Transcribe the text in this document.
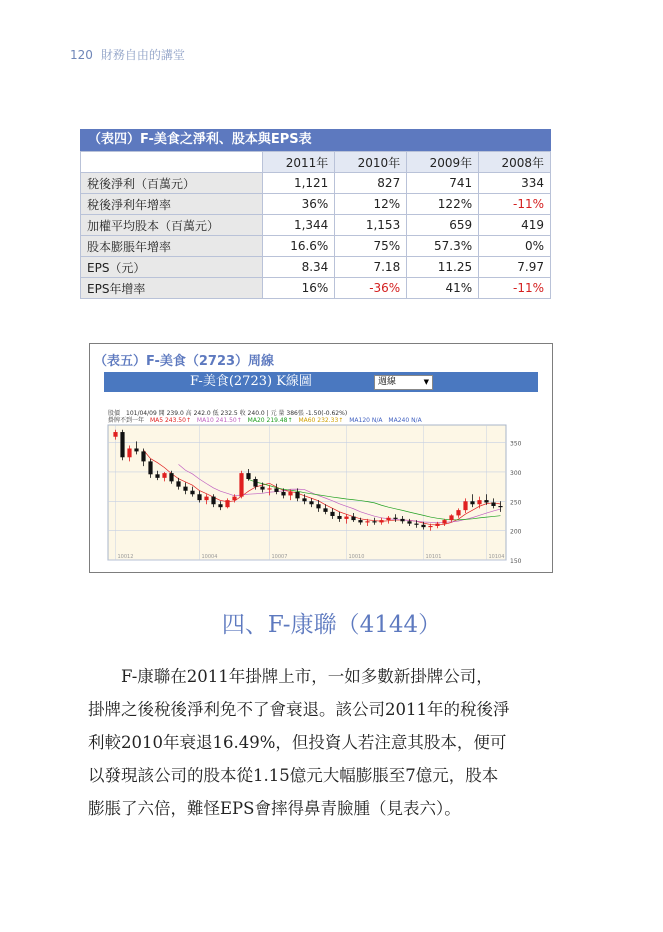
120 財務自由的講堂
（表四）F-美食之淨利、股本與EPS表
	2011年	2010年	2009年	2008年
稅後淨利（百萬元）	1,121	827	741	334
稅後淨利年增率	36%	12%	122%	-11%
加權平均股本（百萬元）	1,344	1,153	659	419
股本膨脹年增率	16.6%	75%	57.3%	0%
EPS（元）	8.34	7.18	11.25	7.97
EPS年增率	16%	-36%	41%	-11%
（表五）F-美食（2723）周線
F-美食(2723) K線圖	週線	▼
股價　101/04/09 開 239.0 高 242.0 低 232.5 收 240.0 | 元 量 386張 -1.50(-0.62%)
掛牌不到一年 MA5 243.50↑ MA10 241.50↑ MA20 219.48↑ MA60 232.33↑ MA120 N/A MA240 N/A
350
300
250
200
150
10012	10004	10007	10010	10101	10104
四、F-康聯（4144）
F-康聯在2011年掛牌上市，一如多數新掛牌公司，
掛牌之後稅後淨利免不了會衰退。該公司2011年的稅後淨
利較2010年衰退16.49%，但投資人若注意其股本，便可
以發現該公司的股本從1.15億元大幅膨脹至7億元，股本
膨脹了六倍，難怪EPS會摔得鼻青臉腫（見表六）。
